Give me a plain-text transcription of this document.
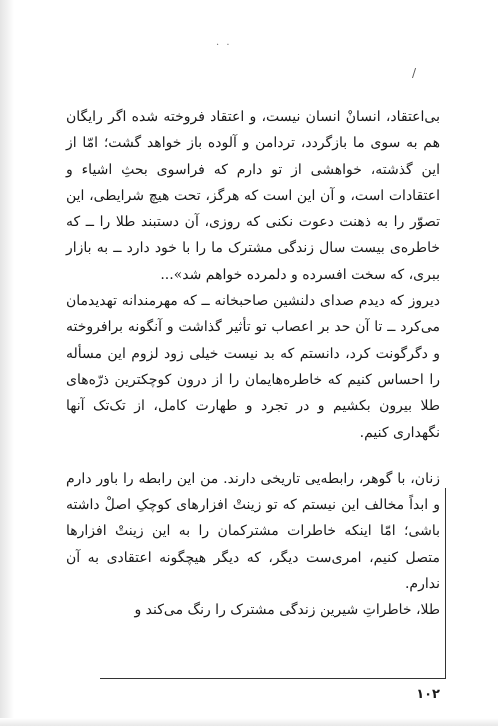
· ·
/

بی‌اعتقاد، انسانْ انسان نیست، و اعتقاد فروخته شده اگر رایگان هم به سوی ما بازگردد، تردامن و آلوده باز خواهد گشت؛ امّا از این گذشته، خواهشی از تو دارم که فراسوی بحثِ اشیاء و اعتقادات است، و آن این است که هرگز، تحت هیچ شرایطی، این تصوّر را به ذهنت دعوت نکنی که روزی، آن دستبند طلا را ــ که خاطره‌ی بیست سال زندگی مشترک ما را با خود دارد ــ به بازار ببری، که سخت افسرده و دلمرده خواهم شد»...

دیروز که دیدم صدای دلنشین صاحبخانه ــ که مهرمندانه تهدیدمان می‌کرد ــ تا آن حد بر اعصاب تو تأثیر گذاشت و آنگونه برافروخته و دگرگونت کرد، دانستم که بد نیست خیلی زود لزوم این مسأله را احساس کنیم که خاطره‌هایمان را از درون کوچکترین ذرّه‌های طلا بیرون بکشیم و در تجرد و طهارت کامل، از تک‌تک آنها نگهداری کنیم.

زنان، با گوهر، رابطه‌یی تاریخی دارند. من این رابطه را باور دارم و ابداً مخالف این نیستم که تو زینتْ افزارهای کوچکِ اصلْ داشته باشی؛ امّا اینکه خاطرات مشترکمان را به این زینتْ افزارها متصل کنیم، امری‌ست دیگر، که دیگر هیچگونه اعتقادی به آن ندارم.

طلا، خاطراتِ شیرین زندگی مشترک را رنگ می‌کند و

۱۰۲
